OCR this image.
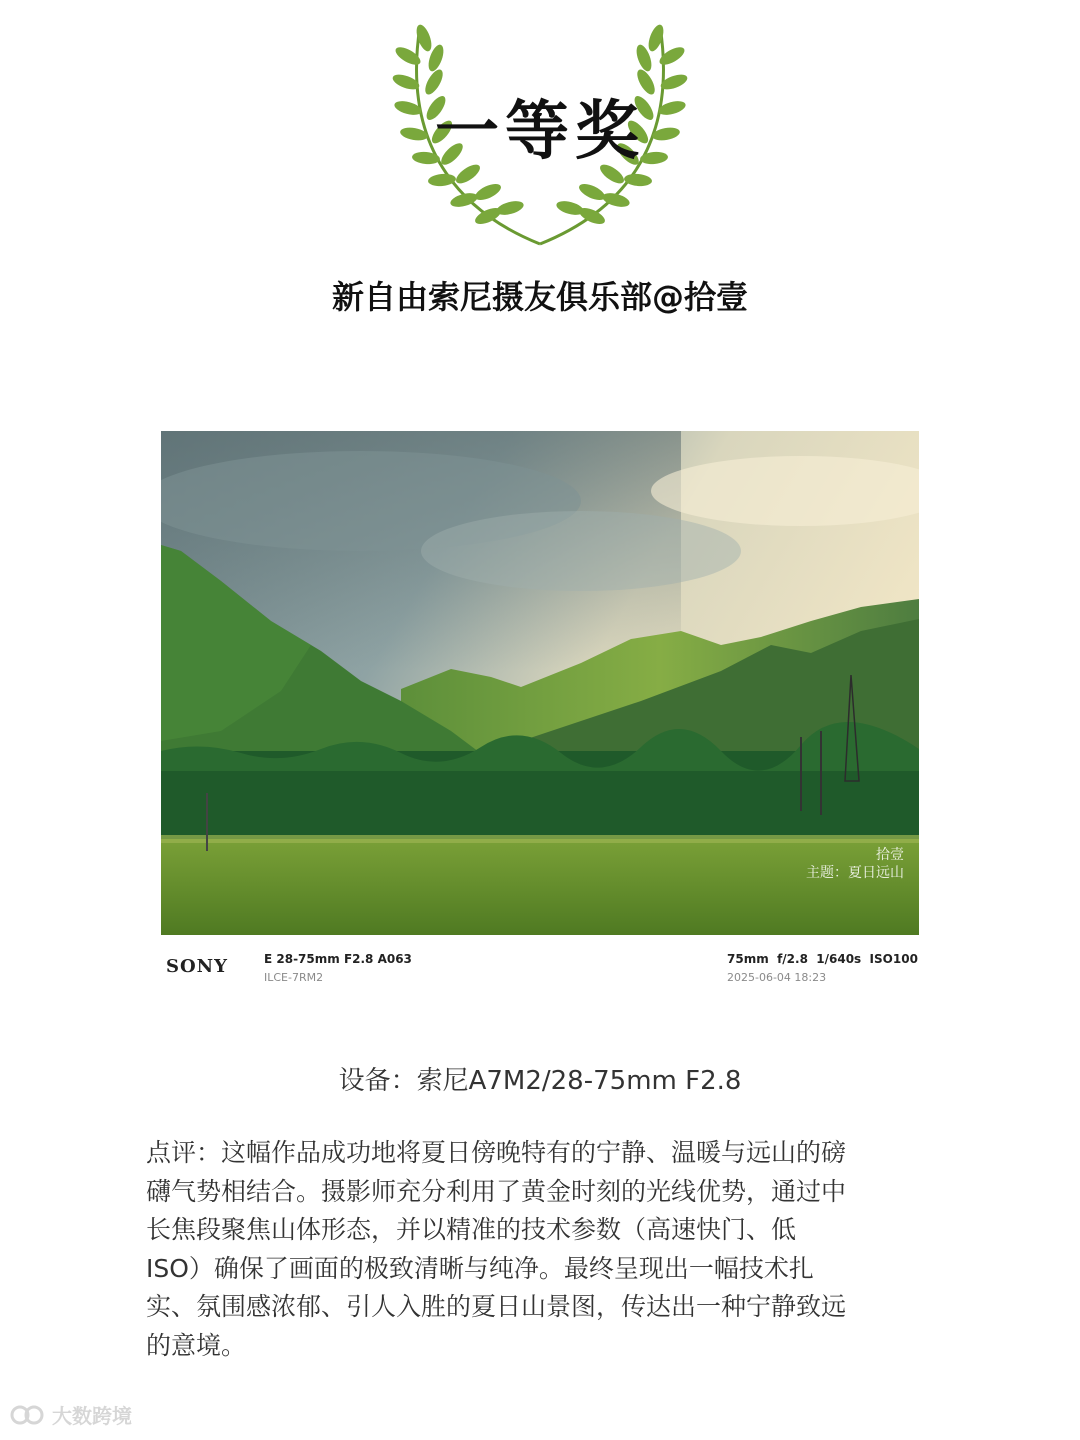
一等奖
新自由索尼摄友俱乐部@拾壹
拾壹
主题：夏日远山
SONY	E 28-75mm F2.8 A063
ILCE-7RM2
75mm  f/2.8  1/640s  ISO100
2025-06-04 18:23
设备：索尼A7M2/28-75mm F2.8
点评：这幅作品成功地将夏日傍晚特有的宁静、温暖与远山的磅
礴气势相结合。摄影师充分利用了黄金时刻的光线优势，通过中
长焦段聚焦山体形态，并以精准的技术参数（高速快门、低
ISO）确保了画面的极致清晰与纯净。最终呈现出一幅技术扎
实、氛围感浓郁、引人入胜的夏日山景图，传达出一种宁静致远
的意境。
大数跨境
